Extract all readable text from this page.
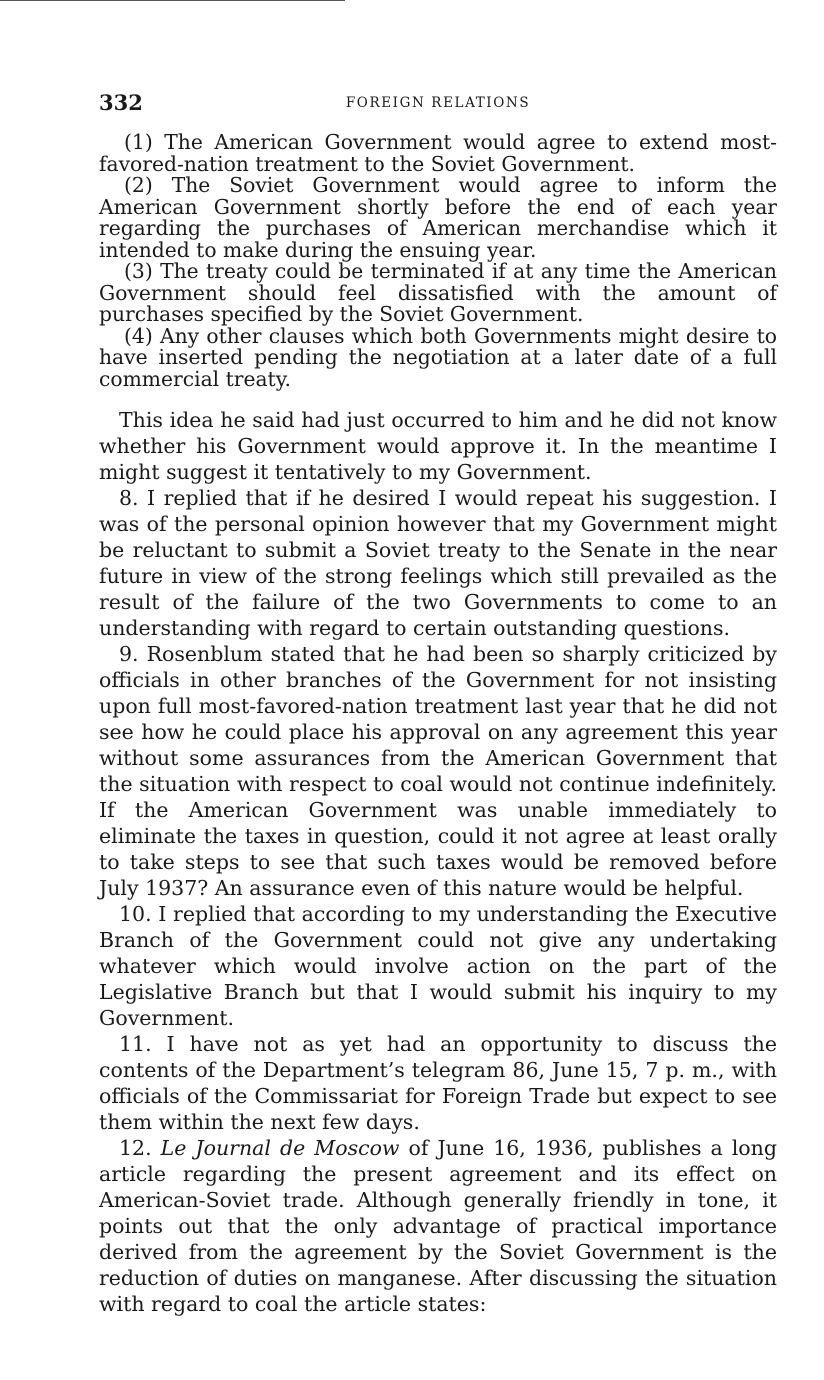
332	FOREIGN RELATIONS

(1) The American Government would agree to extend most-favored-nation treatment to the Soviet Government.

(2) The Soviet Government would agree to inform the American Government shortly before the end of each year regarding the purchases of American merchandise which it intended to make during the ensuing year.

(3) The treaty could be terminated if at any time the American Government should feel dissatisfied with the amount of purchases specified by the Soviet Government.

(4) Any other clauses which both Governments might desire to have inserted pending the negotiation at a later date of a full commercial treaty.

This idea he said had just occurred to him and he did not know whether his Government would approve it. In the meantime I might suggest it tentatively to my Government.

8. I replied that if he desired I would repeat his suggestion. I was of the personal opinion however that my Government might be reluctant to submit a Soviet treaty to the Senate in the near future in view of the strong feelings which still prevailed as the result of the failure of the two Governments to come to an understanding with regard to certain outstanding questions.

9. Rosenblum stated that he had been so sharply criticized by officials in other branches of the Government for not insisting upon full most-favored-nation treatment last year that he did not see how he could place his approval on any agreement this year without some assurances from the American Government that the situation with respect to coal would not continue indefinitely. If the American Government was unable immediately to eliminate the taxes in question, could it not agree at least orally to take steps to see that such taxes would be removed before July 1937? An assurance even of this nature would be helpful.

10. I replied that according to my understanding the Executive Branch of the Government could not give any undertaking whatever which would involve action on the part of the Legislative Branch but that I would submit his inquiry to my Government.

11. I have not as yet had an opportunity to discuss the contents of the Department’s telegram 86, June 15, 7 p. m., with officials of the Commissariat for Foreign Trade but expect to see them within the next few days.

12. Le Journal de Moscow of June 16, 1936, publishes a long article regarding the present agreement and its effect on American-Soviet trade. Although generally friendly in tone, it points out that the only advantage of practical importance derived from the agreement by the Soviet Government is the reduction of duties on manganese. After discussing the situation with regard to coal the article states:
